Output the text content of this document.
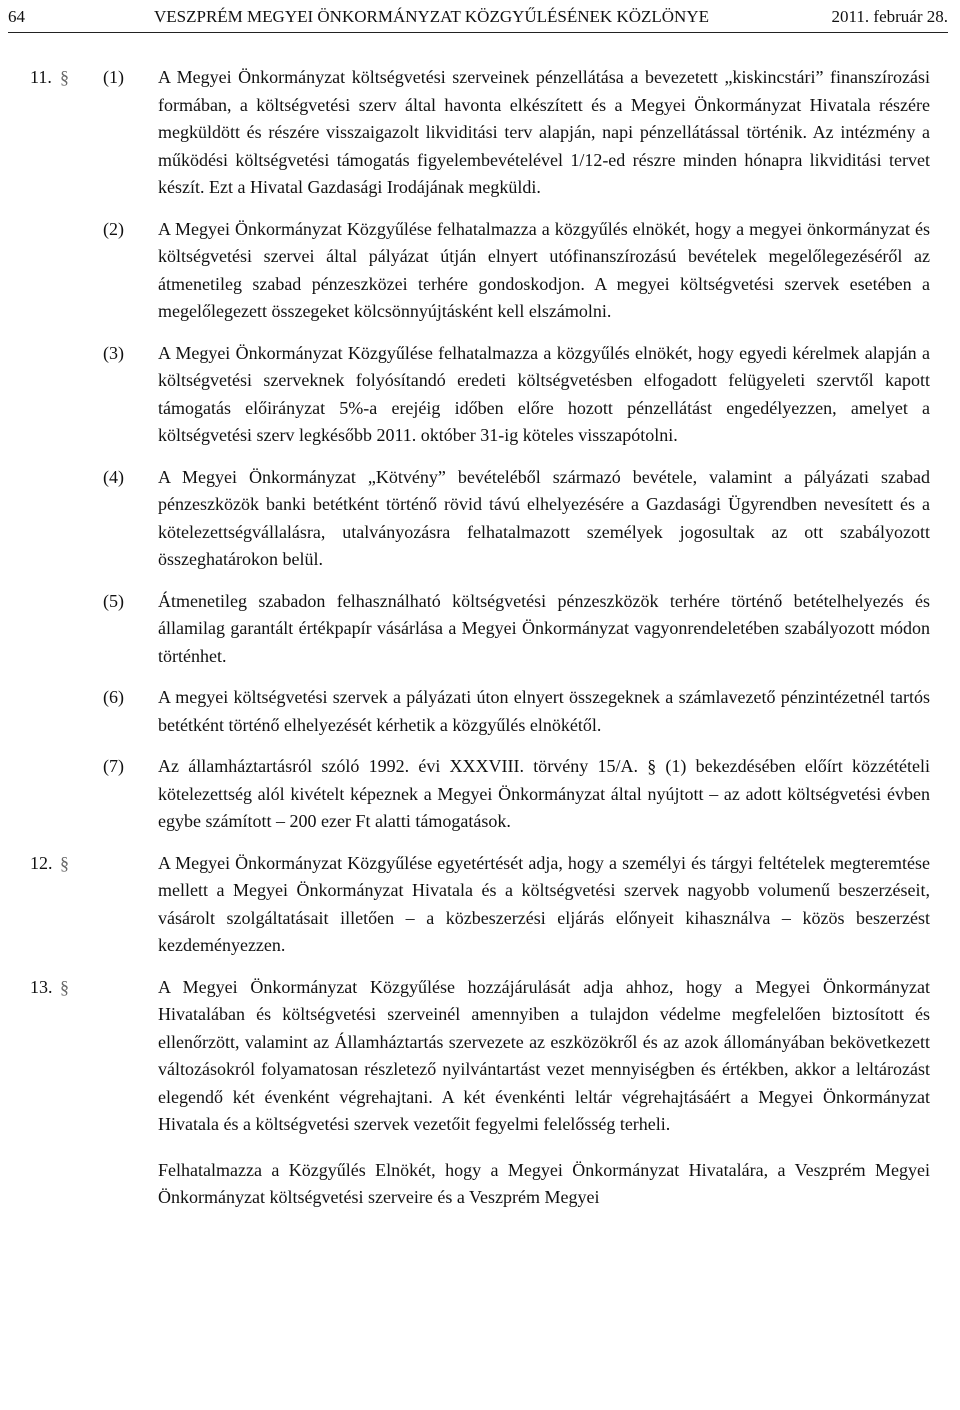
64	VESZPRÉM MEGYEI ÖNKORMÁNYZAT KÖZGYŰLÉSÉNEK KÖZLÖNYE	2011. február 28.
11. § (1) A Megyei Önkormányzat költségvetési szerveinek pénzellátása a bevezetett „kiskincstári” finanszírozási formában, a költségvetési szerv által havonta elkészített és a Megyei Önkormányzat Hivatala részére megküldött és részére visszaigazolt likviditási terv alapján, napi pénzellátással történik. Az intézmény a működési költségvetési támogatás figyelembevételével 1/12-ed részre minden hónapra likviditási tervet készít. Ezt a Hivatal Gazdasági Irodájának megküldi.

(2) A Megyei Önkormányzat Közgyűlése felhatalmazza a közgyűlés elnökét, hogy a megyei önkormányzat és költségvetési szervei által pályázat útján elnyert utófinanszírozású bevételek megelőlegezéséről az átmenetileg szabad pénzeszközei terhére gondoskodjon. A megyei költségvetési szervek esetében a megelőlegezett összegeket kölcsönnyújtásként kell elszámolni.

(3) A Megyei Önkormányzat Közgyűlése felhatalmazza a közgyűlés elnökét, hogy egyedi kérelmek alapján a költségvetési szerveknek folyósítandó eredeti költségvetésben elfogadott felügyeleti szervtől kapott támogatás előirányzat 5%-a erejéig időben előre hozott pénzellátást engedélyezzen, amelyet a költségvetési szerv legkésőbb 2011. október 31-ig köteles visszapótolni.

(4) A Megyei Önkormányzat „Kötvény” bevételéből származó bevétele, valamint a pályázati szabad pénzeszközök banki betétként történő rövid távú elhelyezésére a Gazdasági Ügyrendben nevesített és a kötelezettségvállalásra, utalványozásra felhatalmazott személyek jogosultak az ott szabályozott összeghatárokon belül.

(5) Átmenetileg szabadon felhasználható költségvetési pénzeszközök terhére történő betételhelyezés és államilag garantált értékpapír vásárlása a Megyei Önkormányzat vagyonrendeletében szabályozott módon történhet.

(6) A megyei költségvetési szervek a pályázati úton elnyert összegeknek a számlavezető pénzintézetnél tartós betétként történő elhelyezését kérhetik a közgyűlés elnökétől.

(7) Az államháztartásról szóló 1992. évi XXXVIII. törvény 15/A. § (1) bekezdésében előírt közzétételi kötelezettség alól kivételt képeznek a Megyei Önkormányzat által nyújtott – az adott költségvetési évben egybe számított – 200 ezer Ft alatti támogatások.

12. §	A Megyei Önkormányzat Közgyűlése egyetértését adja, hogy a személyi és tárgyi feltételek megteremtése mellett a Megyei Önkormányzat Hivatala és a költségvetési szervek nagyobb volumenű beszerzéseit, vásárolt szolgáltatásait illetően – a közbeszerzési eljárás előnyeit kihasználva – közös beszerzést kezdeményezzen.

13. §	A Megyei Önkormányzat Közgyűlése hozzájárulását adja ahhoz, hogy a Megyei Önkormányzat Hivatalában és költségvetési szerveinél amennyiben a tulajdon védelme megfelelően biztosított és ellenőrzött, valamint az Államháztartás szervezete az eszközökről és az azok állományában bekövetkezett változásokról folyamatosan részletező nyilvántartást vezet mennyiségben és értékben, akkor a leltározást elegendő két évenként végrehajtani. A két évenkénti leltár végrehajtásáért a Megyei Önkormányzat Hivatala és a költségvetési szervek vezetőit fegyelmi felelősség terheli.

Felhatalmazza a Közgyűlés Elnökét, hogy a Megyei Önkormányzat Hivatalára, a Veszprém Megyei Önkormányzat költségvetési szerveire és a Veszprém Megyei
